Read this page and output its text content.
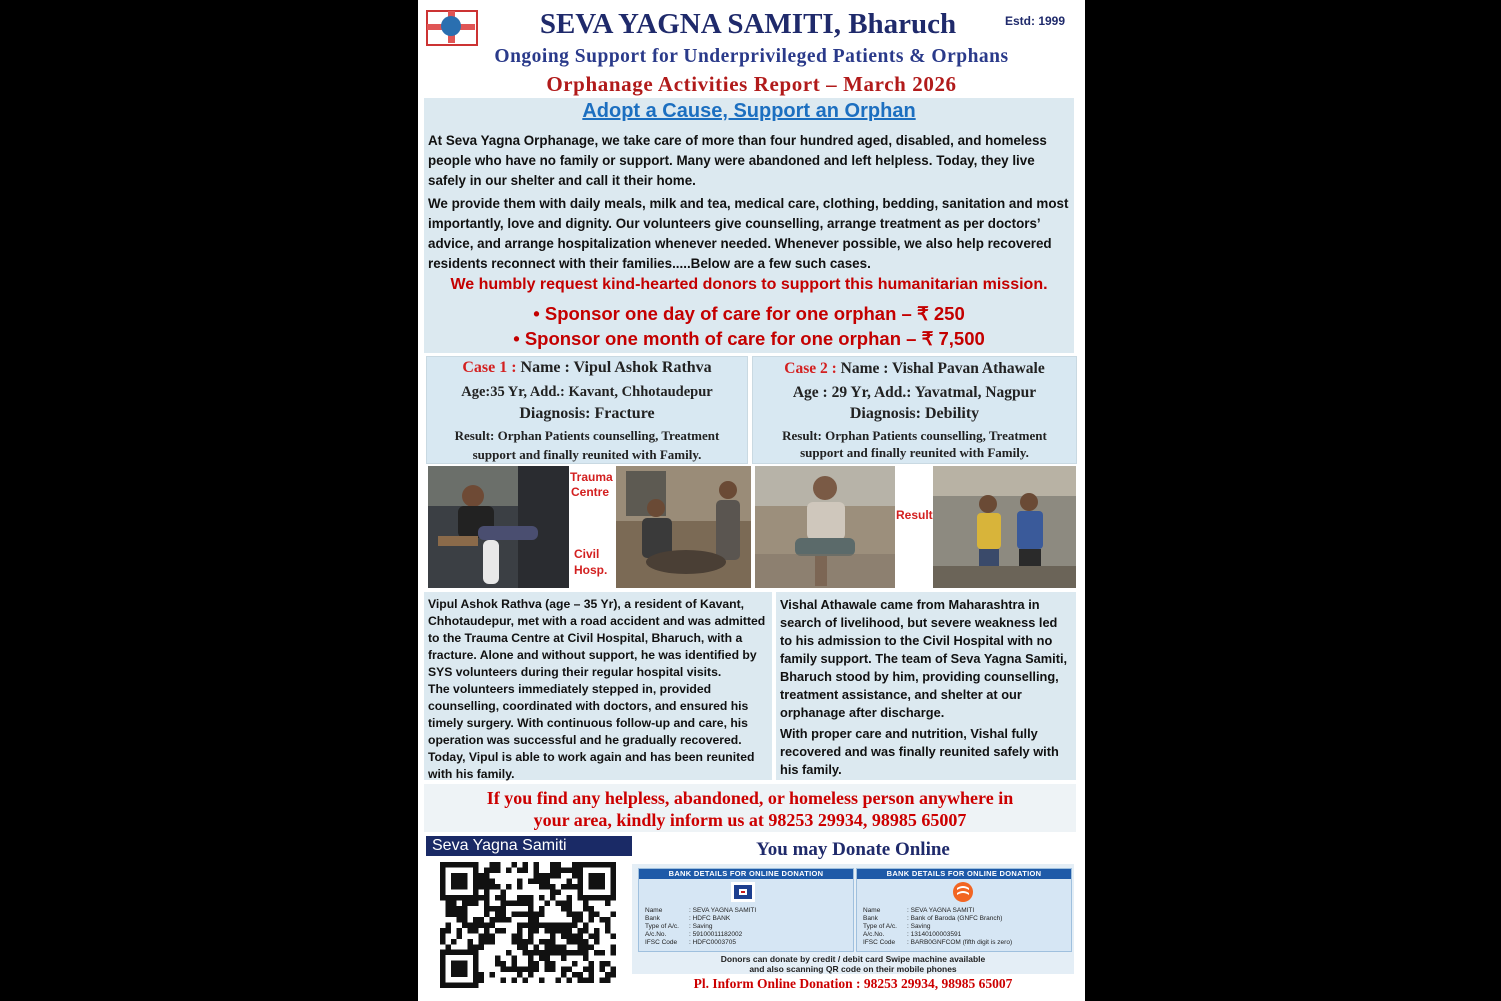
SEVA YAGNA SAMITI, Bharuch	Estd: 1999
Ongoing Support for Underprivileged Patients & Orphans
Orphanage Activities Report – March 2026
Adopt a Cause, Support an Orphan
At Seva Yagna Orphanage, we take care of more than four hundred aged, disabled, and homeless people who have no family or support. Many were abandoned and left helpless. Today, they live safely in our shelter and call it their home.
We provide them with daily meals, milk and tea, medical care, clothing, bedding, sanitation and most importantly, love and dignity. Our volunteers give counselling, arrange treatment as per doctors’ advice, and arrange hospitalization whenever needed. Whenever possible, we also help recovered residents reconnect with their families.....Below are a few such cases.
We humbly request kind-hearted donors to support this humanitarian mission.
• Sponsor one day of care for one orphan – ₹ 250
• Sponsor one month of care for one orphan – ₹ 7,500
Case 1 : Name : Vipul Ashok Rathva
Age:35 Yr, Add.: Kavant, Chhotaudepur
Diagnosis: Fracture
Result: Orphan Patients counselling, Treatment
support and finally reunited with Family.
Case 2 : Name : Vishal Pavan Athawale
Age : 29 Yr, Add.: Yavatmal, Nagpur
Diagnosis: Debility
Result: Orphan Patients counselling, Treatment
support and finally reunited with Family.
Trauma
Centre
Civil
Hosp.
Result
Vipul Ashok Rathva (age – 35 Yr), a resident of Kavant, Chhotaudepur, met with a road accident and was admitted to the Trauma Centre at Civil Hospital, Bharuch, with a fracture. Alone and without support, he was identified by SYS volunteers during their regular hospital visits.
The volunteers immediately stepped in, provided counselling, coordinated with doctors, and ensured his timely surgery. With continuous follow-up and care, his operation was successful and he gradually recovered. Today, Vipul is able to work again and has been reunited with his family.
Vishal Athawale came from Maharashtra in search of livelihood, but severe weakness led to his admission to the Civil Hospital with no family support. The team of Seva Yagna Samiti, Bharuch stood by him, providing counselling, treatment assistance, and shelter at our orphanage after discharge.
With proper care and nutrition, Vishal fully recovered and was finally reunited safely with his family.
If you find any helpless, abandoned, or homeless person anywhere in
your area, kindly inform us at 98253 29934, 98985 65007
Seva Yagna Samiti	You may Donate Online
BANK DETAILS FOR ONLINE DONATION
Name	: SEVA YAGNA SAMITI
Bank	: HDFC BANK
Type of A/c. : Saving
A/c.No.	: 59100011182002
IFSC Code : HDFC0003705
BANK DETAILS FOR ONLINE DONATION
Name	: SEVA YAGNA SAMITI
Bank	: Bank of Baroda (GNFC Branch)
Type of A/c. : Saving
A/c.No.	: 13140100003591
IFSC Code : BARB0GNFCOM (fifth digit is zero)
Donors can donate by credit / debit card Swipe machine available
and also scanning QR code on their mobile phones
Pl. Inform Online Donation : 98253 29934, 98985 65007
